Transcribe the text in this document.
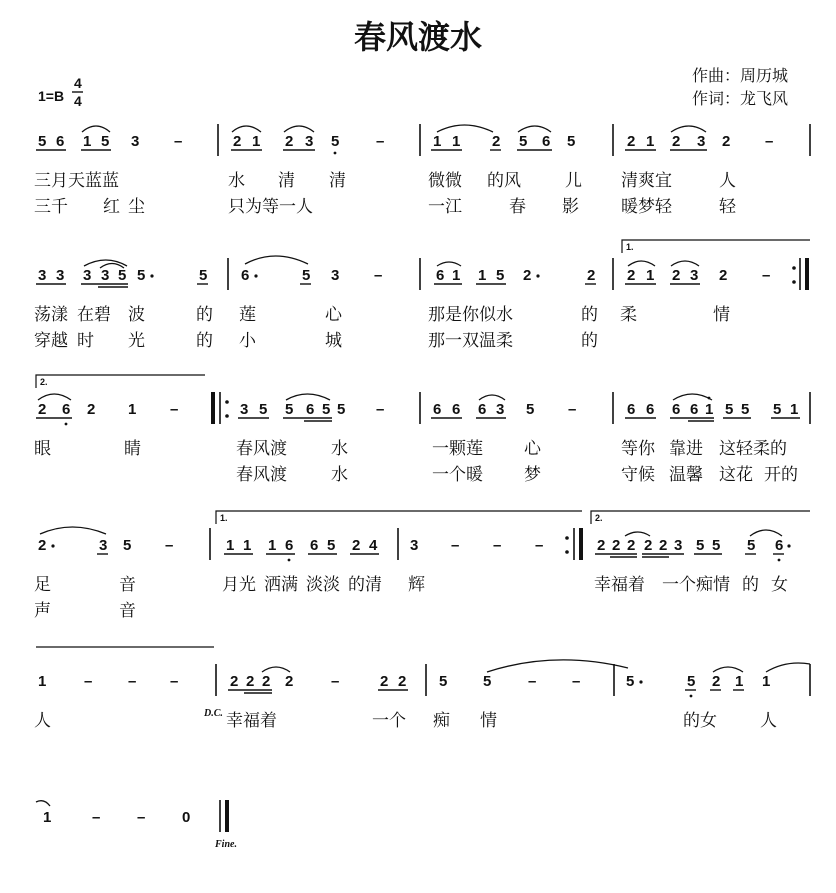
春风渡水
1=B
4
4
作曲：周历城
作词：龙飞风
5 6 1 5 3 –	2 1 2 3 5 –	1 1 2 5 6 5	2 1 2 3 2 –
三月天蓝蓝	水 清 清	微微 的风	儿 清爽宜	人
三千 红 尘	只为等一人	一江	春 影 暖梦轻	轻
3 3 3 3 5 5	5 6	5 3 –	6 1 1 5 2	2
1.
2 1 2 3 2 –
荡漾 在碧 波	的 莲	心	那是你似水	的 柔	情
穿越 时 光	的 小	城	那一双温柔	的
2.
2 6 2 1 –	3 5 5 6 5 5 –	6 6 6 3 5 –	6 6 6 6 1 5 5 5 1
眼	睛	春风渡	水	一颗莲 心	等你 靠进 这轻柔的
春风渡	水	一个暖 梦	守候 温馨 这花 开的
2	3 5 –
1.
1 1 1 6 6 5 2 4 3 – – –
2.
2 2 2 2 2 3 5 5 5 6
足	音	月光 洒满 淡淡 的清 辉	幸福着 一个痴情 的 女
声	音
1	– – –	2 2 2 2	–	2 2 5 5 – –	5	5 2 1 1
人	D.C. 幸福着	一个 痴 情	的女	人
1	– – 0
Fine.
